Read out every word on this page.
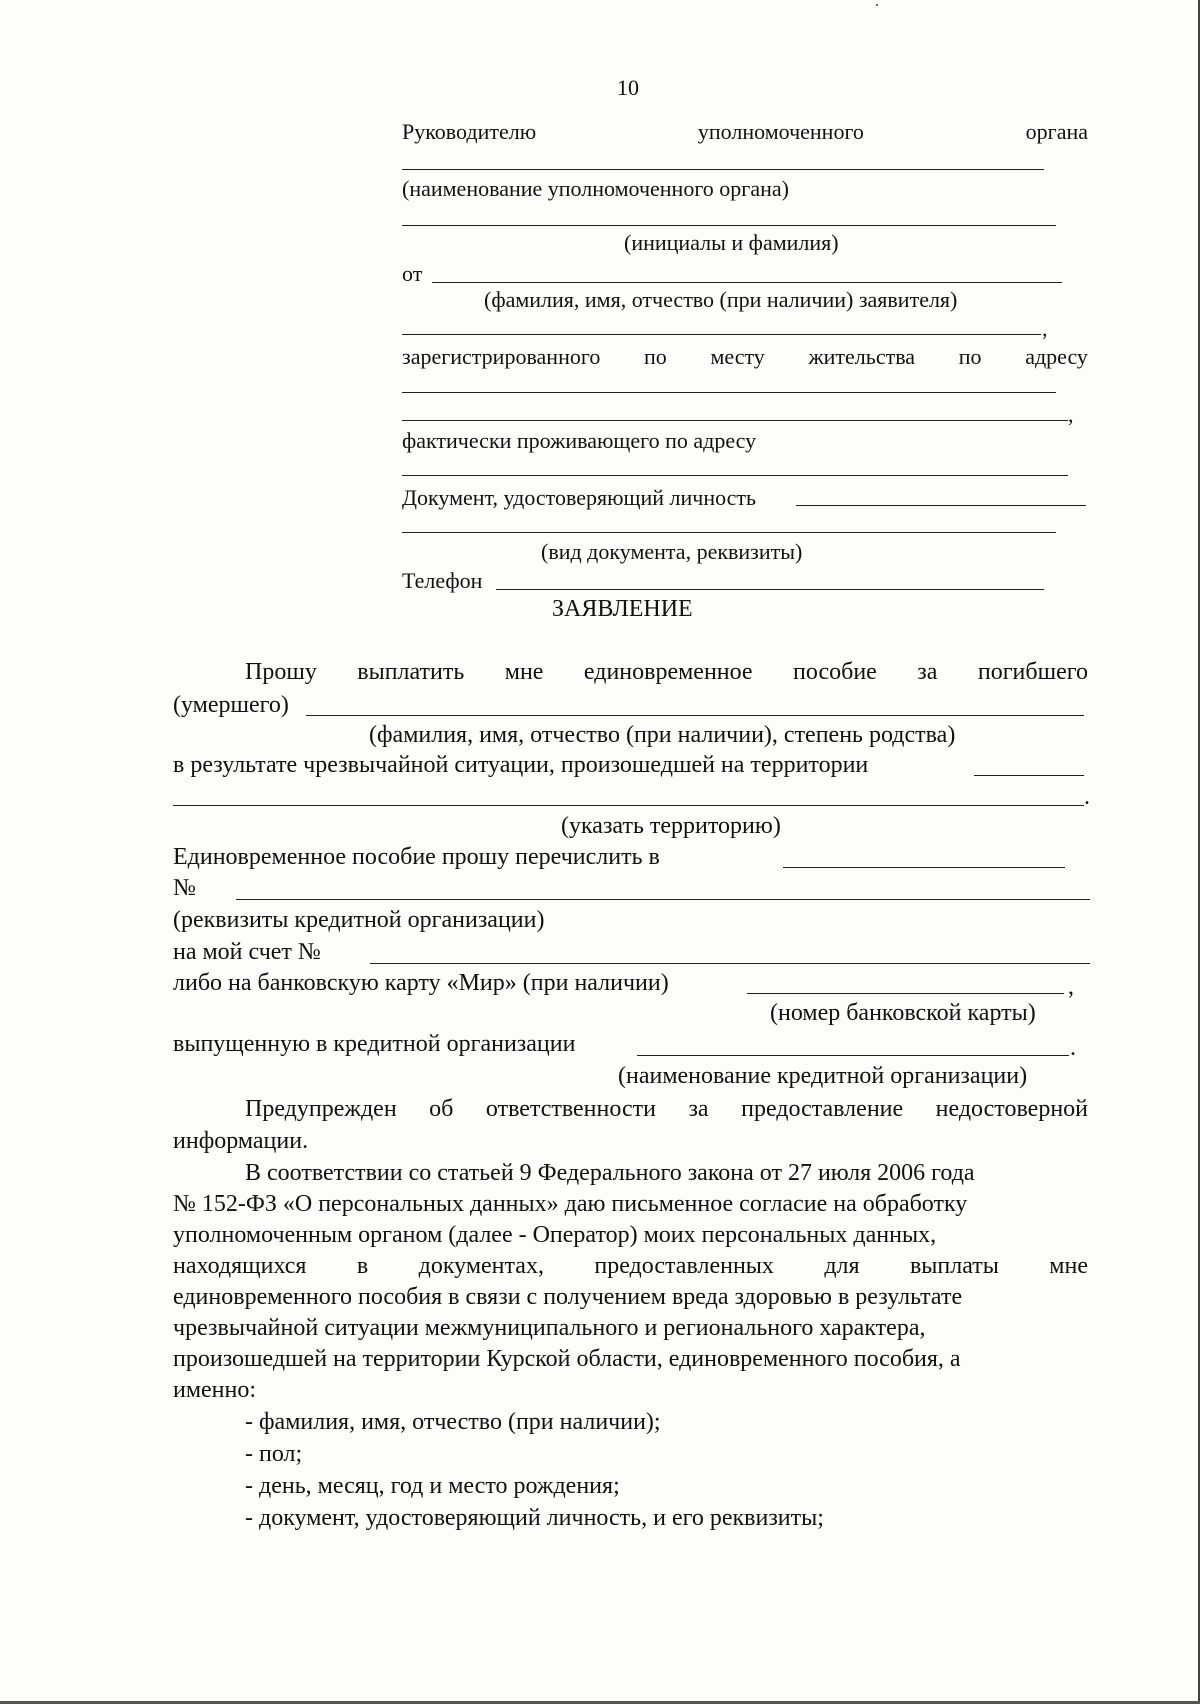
10
Руководителю	уполномоченного	органа
(наименование уполномоченного органа)
(инициалы и фамилия)
от
(фамилия, имя, отчество (при наличии) заявителя)
,
зарегистрированного по месту жительства по адресу
,
фактически проживающего по адресу
Документ, удостоверяющий личность
(вид документа, реквизиты)
Телефон
ЗАЯВЛЕНИЕ
Прошу выплатить мне единовременное пособие за погибшего
(умершего)
(фамилия, имя, отчество (при наличии), степень родства)
в результате чрезвычайной ситуации, произошедшей на территории
.
(указать территорию)
Единовременное пособие прошу перечислить в
№
(реквизиты кредитной организации)
на мой счет №
либо на банковскую карту «Мир» (при наличии)	,
(номер банковской карты)
выпущенную в кредитной организации	.
(наименование кредитной организации)
Предупрежден об ответственности за предоставление недостоверной
информации.
В соответствии со статьей 9 Федерального закона от 27 июля 2006 года
№ 152-ФЗ «О персональных данных» даю письменное согласие на обработку
уполномоченным органом (далее - Оператор) моих персональных данных,
находящихся в документах, предоставленных для выплаты мне
единовременного пособия в связи с получением вреда здоровью в результате
чрезвычайной ситуации межмуниципального и регионального характера,
произошедшей на территории Курской области, единовременного пособия, а
именно:
- фамилия, имя, отчество (при наличии);
- пол;
- день, месяц, год и место рождения;
- документ, удостоверяющий личность, и его реквизиты;
